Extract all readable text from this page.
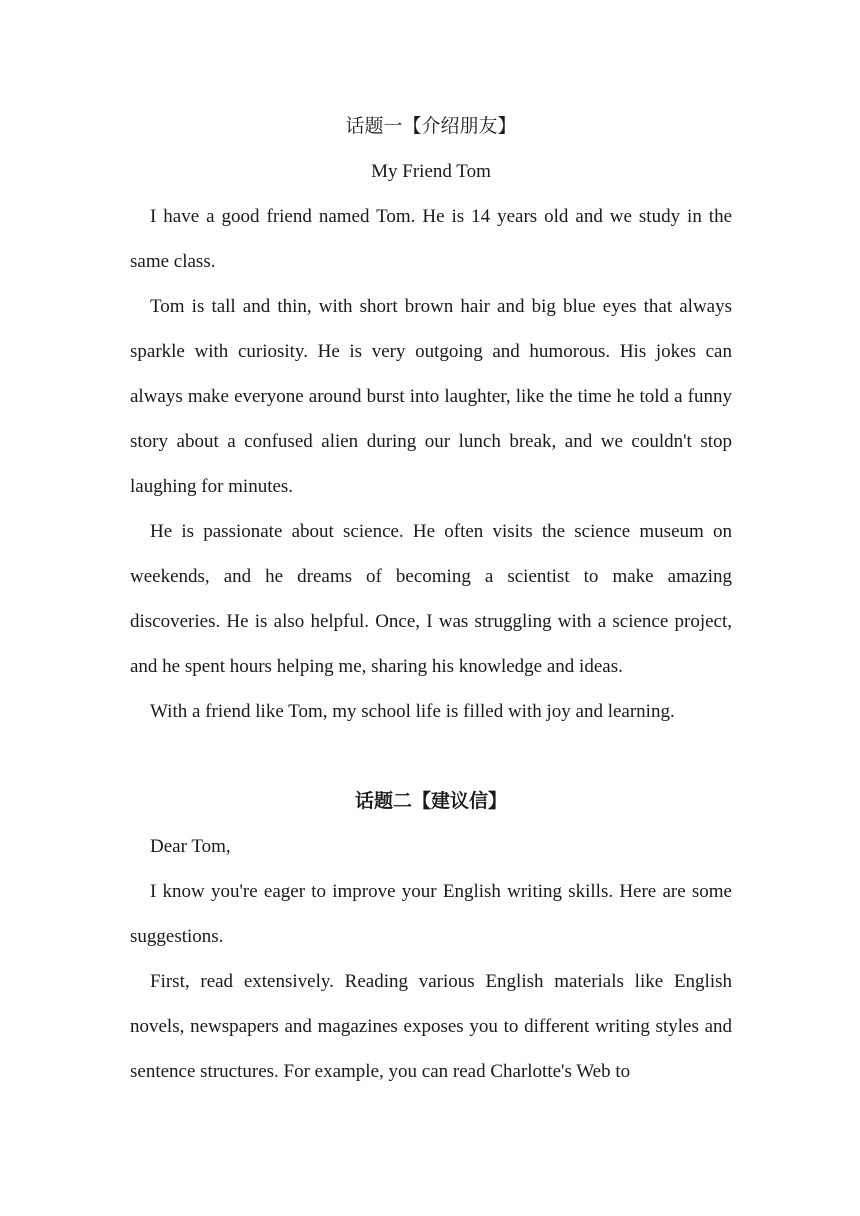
话题一【介绍朋友】

My Friend Tom

I have a good friend named Tom. He is 14 years old and we study in the same class.

Tom is tall and thin, with short brown hair and big blue eyes that always sparkle with curiosity. He is very outgoing and humorous. His jokes can always make everyone around burst into laughter, like the time he told a funny story about a confused alien during our lunch break, and we couldn't stop laughing for minutes.

He is passionate about science. He often visits the science museum on weekends, and he dreams of becoming a scientist to make amazing discoveries. He is also helpful. Once, I was struggling with a science project, and he spent hours helping me, sharing his knowledge and ideas.

With a friend like Tom, my school life is filled with joy and learning.

话题二【建议信】

Dear Tom,

I know you're eager to improve your English writing skills. Here are some suggestions.

First, read extensively. Reading various English materials like English novels, newspapers and magazines exposes you to different writing styles and sentence structures. For example, you can read Charlotte's Web to
